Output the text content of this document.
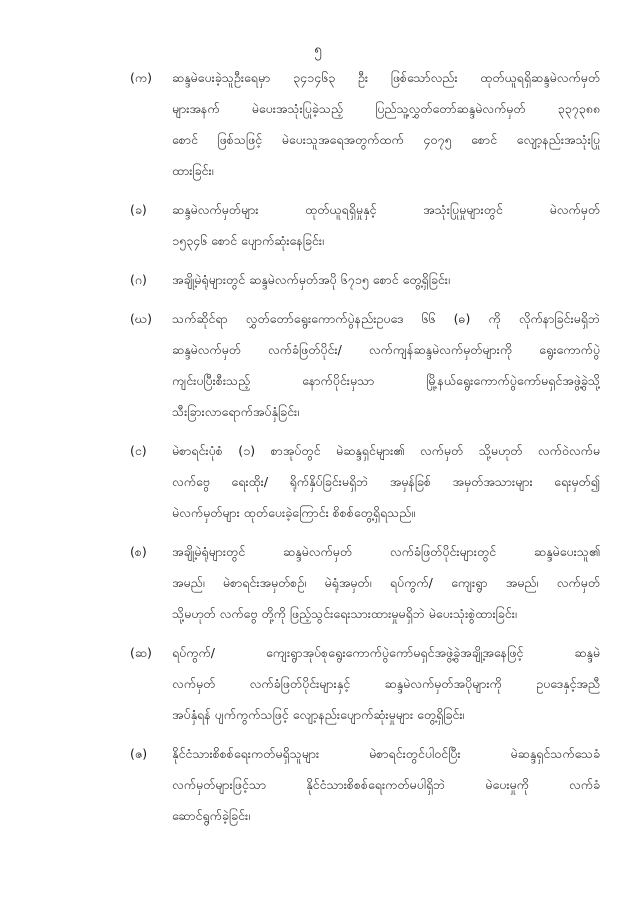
၅
(က) ဆန္ဒမဲပေးခဲ့သူဦးရေမှာ ၃၄၁၄၆၃ ဦး ဖြစ်သော်လည်း ထုတ်ယူရရှိဆန္ဒမဲလက်မှတ်
များအနက် မဲပေးအသုံးပြုခဲ့သည့် ပြည်သူ့လွှတ်တော်ဆန္ဒမဲလက်မှတ် ၃၃၇၃၈၈
စောင် ဖြစ်သဖြင့် မဲပေးသူအရေအတွက်ထက် ၄၀၇၅ စောင် လျော့နည်းအသုံးပြု
ထားခြင်း၊
(ခ) ဆန္ဒမဲလက်မှတ်များ ထုတ်ယူရရှိမှုနှင့် အသုံးပြုမှုများတွင် မဲလက်မှတ်
၁၅၃၄၆ စောင် ပျောက်ဆုံးနေခြင်း၊
(ဂ) အချို့မဲရုံများတွင် ဆန္ဒမဲလက်မှတ်အပို ၆၇၁၅ စောင် တွေ့ရှိခြင်း၊
(ဃ) သက်ဆိုင်ရာ လွှတ်တော်ရွေးကောက်ပွဲနည်းဥပဒေ ၆၆ (ဓ) ကို လိုက်နာခြင်းမရှိဘဲ
ဆန္ဒမဲလက်မှတ် လက်ခံဖြတ်ပိုင်း/ လက်ကျန်ဆန္ဒမဲလက်မှတ်များကို ရွေးကောက်ပွဲ
ကျင်းပပြီးစီးသည့် နောက်ပိုင်းမှသာ မြို့နယ်ရွေးကောက်ပွဲကော်မရှင်အဖွဲ့ခွဲသို့
သီးခြားလာရောက်အပ်နှံခြင်း၊
(င) မဲစာရင်းပုံစံ (၁) စာအုပ်တွင် မဲဆန္ဒရှင်များ၏ လက်မှတ် သို့မဟုတ် လက်ဝဲလက်မ
လက်ဗွေ ရေးထိုး/ ရိုက်နှိပ်ခြင်းမရှိဘဲ အမှန်ခြစ် အမှတ်အသားများ ရေးမှတ်၍
မဲလက်မှတ်များ ထုတ်ပေးခဲ့ကြောင်း စိစစ်တွေ့ရှိရသည်။
(စ) အချို့မဲရုံများတွင် ဆန္ဒမဲလက်မှတ် လက်ခံဖြတ်ပိုင်းများတွင် ဆန္ဒမဲပေးသူ၏
အမည်၊ မဲစာရင်းအမှတ်စဉ်၊ မဲရုံအမှတ်၊ ရပ်ကွက်/ ကျေးရွာ အမည်၊ လက်မှတ်
သို့မဟုတ် လက်ဗွေ တို့ကို ဖြည့်သွင်းရေးသားထားမှုမရှိဘဲ မဲပေးသုံးစွဲထားခြင်း၊
(ဆ) ရပ်ကွက်/ ကျေးရွာအုပ်စုရွေးကောက်ပွဲကော်မရှင်အဖွဲ့ခွဲအချို့အနေဖြင့် ဆန္ဒမဲ
လက်မှတ် လက်ခံဖြတ်ပိုင်းများနှင့် ဆန္ဒမဲလက်မှတ်အပိုများကို ဥပဒေနှင့်အညီ
အပ်နှံရန် ပျက်ကွက်သဖြင့် လျော့နည်းပျောက်ဆုံးမှုများ တွေ့ရှိခြင်း၊
(ဇ) နိုင်ငံသားစိစစ်ရေးကတ်မရှိသူများ မဲစာရင်းတွင်ပါဝင်ပြီး မဲဆန္ဒရှင်သက်သေခံ
လက်မှတ်များဖြင့်သာ နိုင်ငံသားစိစစ်ရေးကတ်မပါရှိဘဲ မဲပေးမှုကို လက်ခံ
ဆောင်ရွက်ခဲ့ခြင်း၊
